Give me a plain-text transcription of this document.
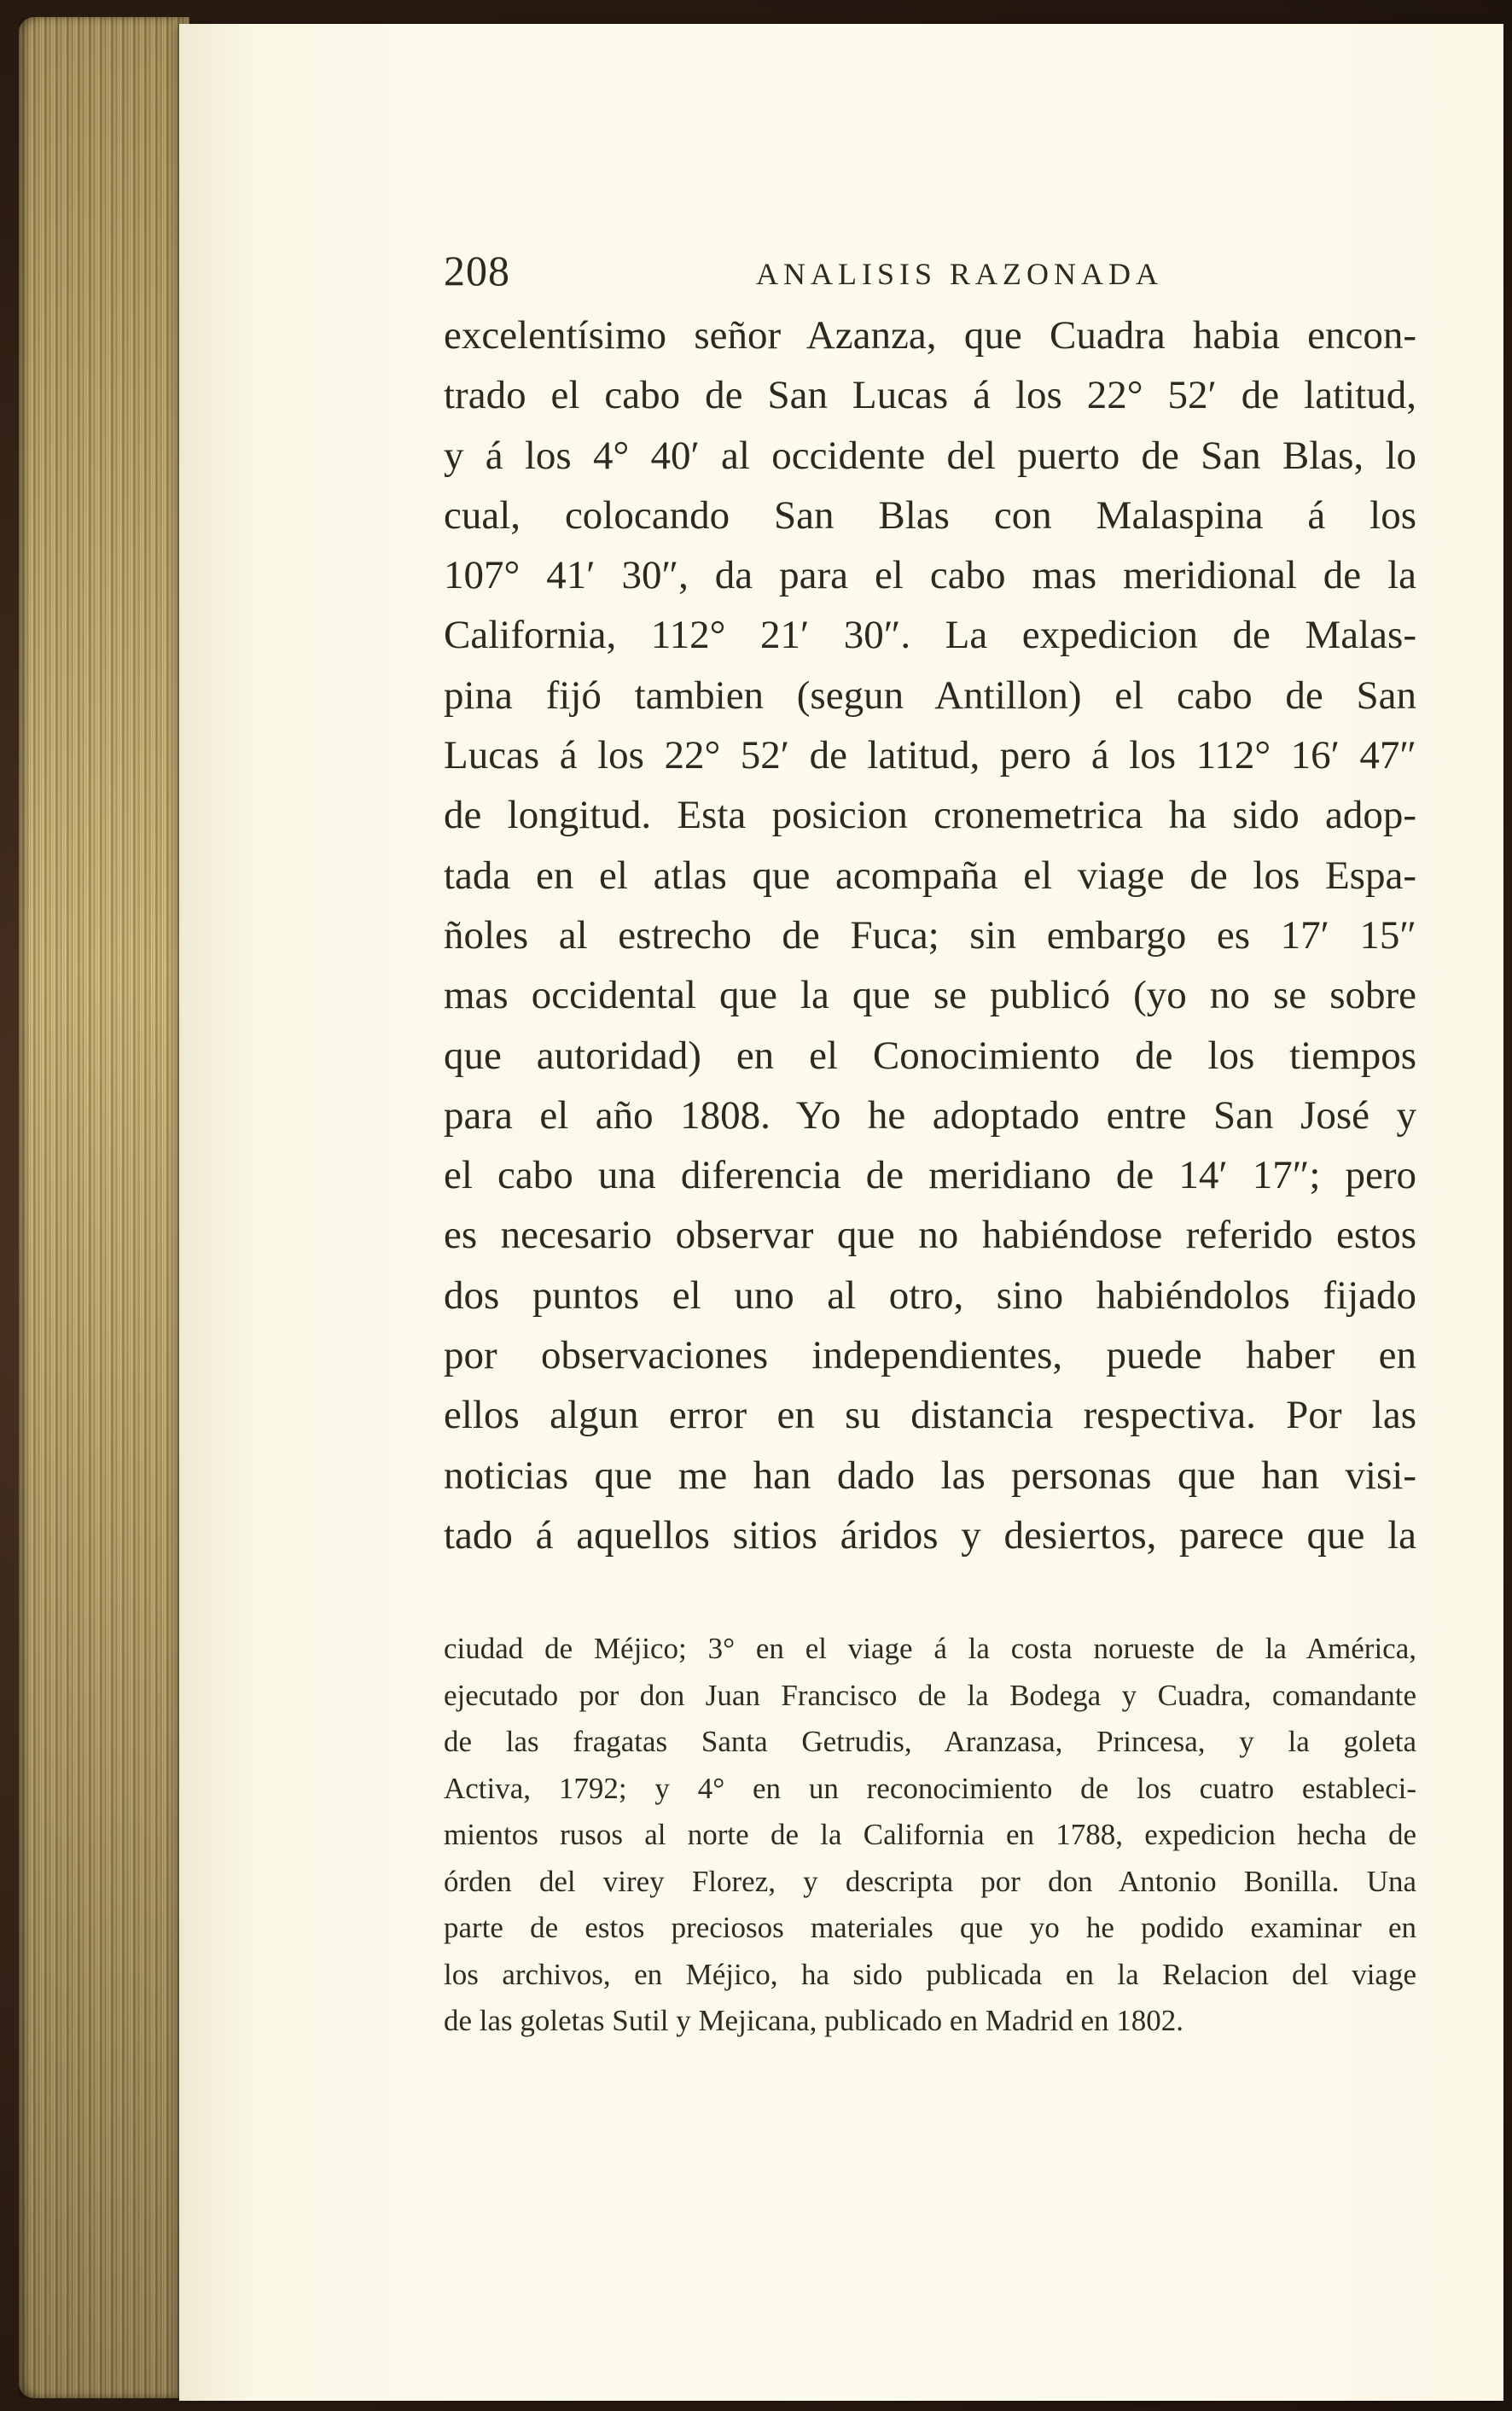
208	ANALISIS RAZONADA
excelentísimo señor Azanza, que Cuadra habia encon-
trado el cabo de San Lucas á los 22° 52′ de latitud,
y á los 4° 40′ al occidente del puerto de San Blas, lo
cual, colocando San Blas con Malaspina á los
107° 41′ 30″, da para el cabo mas meridional de la
California, 112° 21′ 30″. La expedicion de Malas-
pina fijó tambien (segun Antillon) el cabo de San
Lucas á los 22° 52′ de latitud, pero á los 112° 16′ 47″
de longitud. Esta posicion cronemetrica ha sido adop-
tada en el atlas que acompaña el viage de los Espa-
ñoles al estrecho de Fuca; sin embargo es 17′ 15″
mas occidental que la que se publicó (yo no se sobre
que autoridad) en el Conocimiento de los tiempos
para el año 1808. Yo he adoptado entre San José y
el cabo una diferencia de meridiano de 14′ 17″; pero
es necesario observar que no habiéndose referido estos
dos puntos el uno al otro, sino habiéndolos fijado
por observaciones independientes, puede haber en
ellos algun error en su distancia respectiva. Por las
noticias que me han dado las personas que han visi-
tado á aquellos sitios áridos y desiertos, parece que la
ciudad de Méjico; 3° en el viage á la costa norueste de la América,
ejecutado por don Juan Francisco de la Bodega y Cuadra, comandante
de las fragatas Santa Getrudis, Aranzasa, Princesa, y la goleta
Activa, 1792; y 4° en un reconocimiento de los cuatro estableci-
mientos rusos al norte de la California en 1788, expedicion hecha de
órden del virey Florez, y descripta por don Antonio Bonilla. Una
parte de estos preciosos materiales que yo he podido examinar en
los archivos, en Méjico, ha sido publicada en la Relacion del viage
de las goletas Sutil y Mejicana, publicado en Madrid en 1802.
